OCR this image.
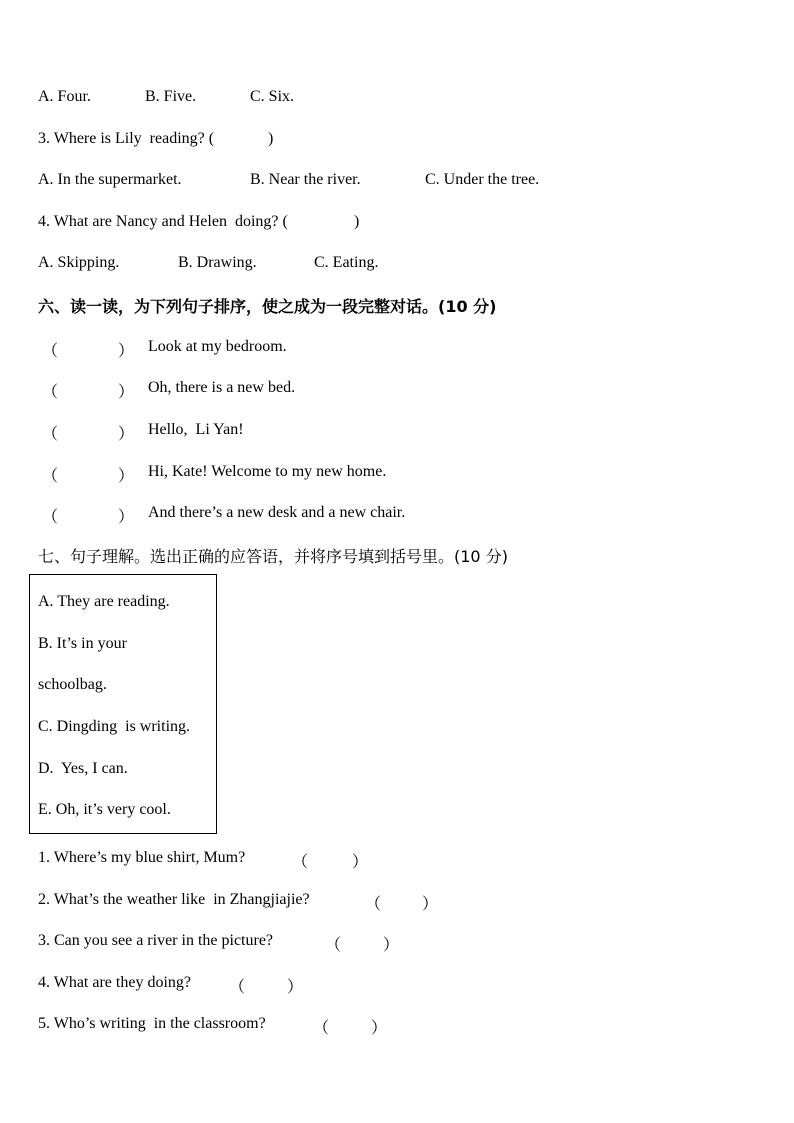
A. Four.	B. Five.	C. Six.
3. Where is Lily  reading? (	)
A. In the supermarket.	B. Near the river.	C. Under the tree.
4. What are Nancy and Helen  doing? (	)
A. Skipping.	B. Drawing.	C. Eating.
六、读一读，为下列句子排序，使之成为一段完整对话。(10 分)
（	） Look at my bedroom.
（	） Oh, there is a new bed.
（	） Hello,  Li Yan!
（	） Hi, Kate! Welcome to my new home.
（	） And there’s a new desk and a new chair.
七、句子理解。选出正确的应答语，并将序号填到括号里。(10 分)
A. They are reading.
B. It’s in your
schoolbag.
C. Dingding  is writing.
D.  Yes, I can.
E. Oh, it’s very cool.
1. Where’s my blue shirt, Mum?	（	）
2. What’s the weather like  in Zhangjiajie?	（	）
3. Can you see a river in the picture?	（	）
4. What are they doing? （	）
5. Who’s writing  in the classroom?	（	）
